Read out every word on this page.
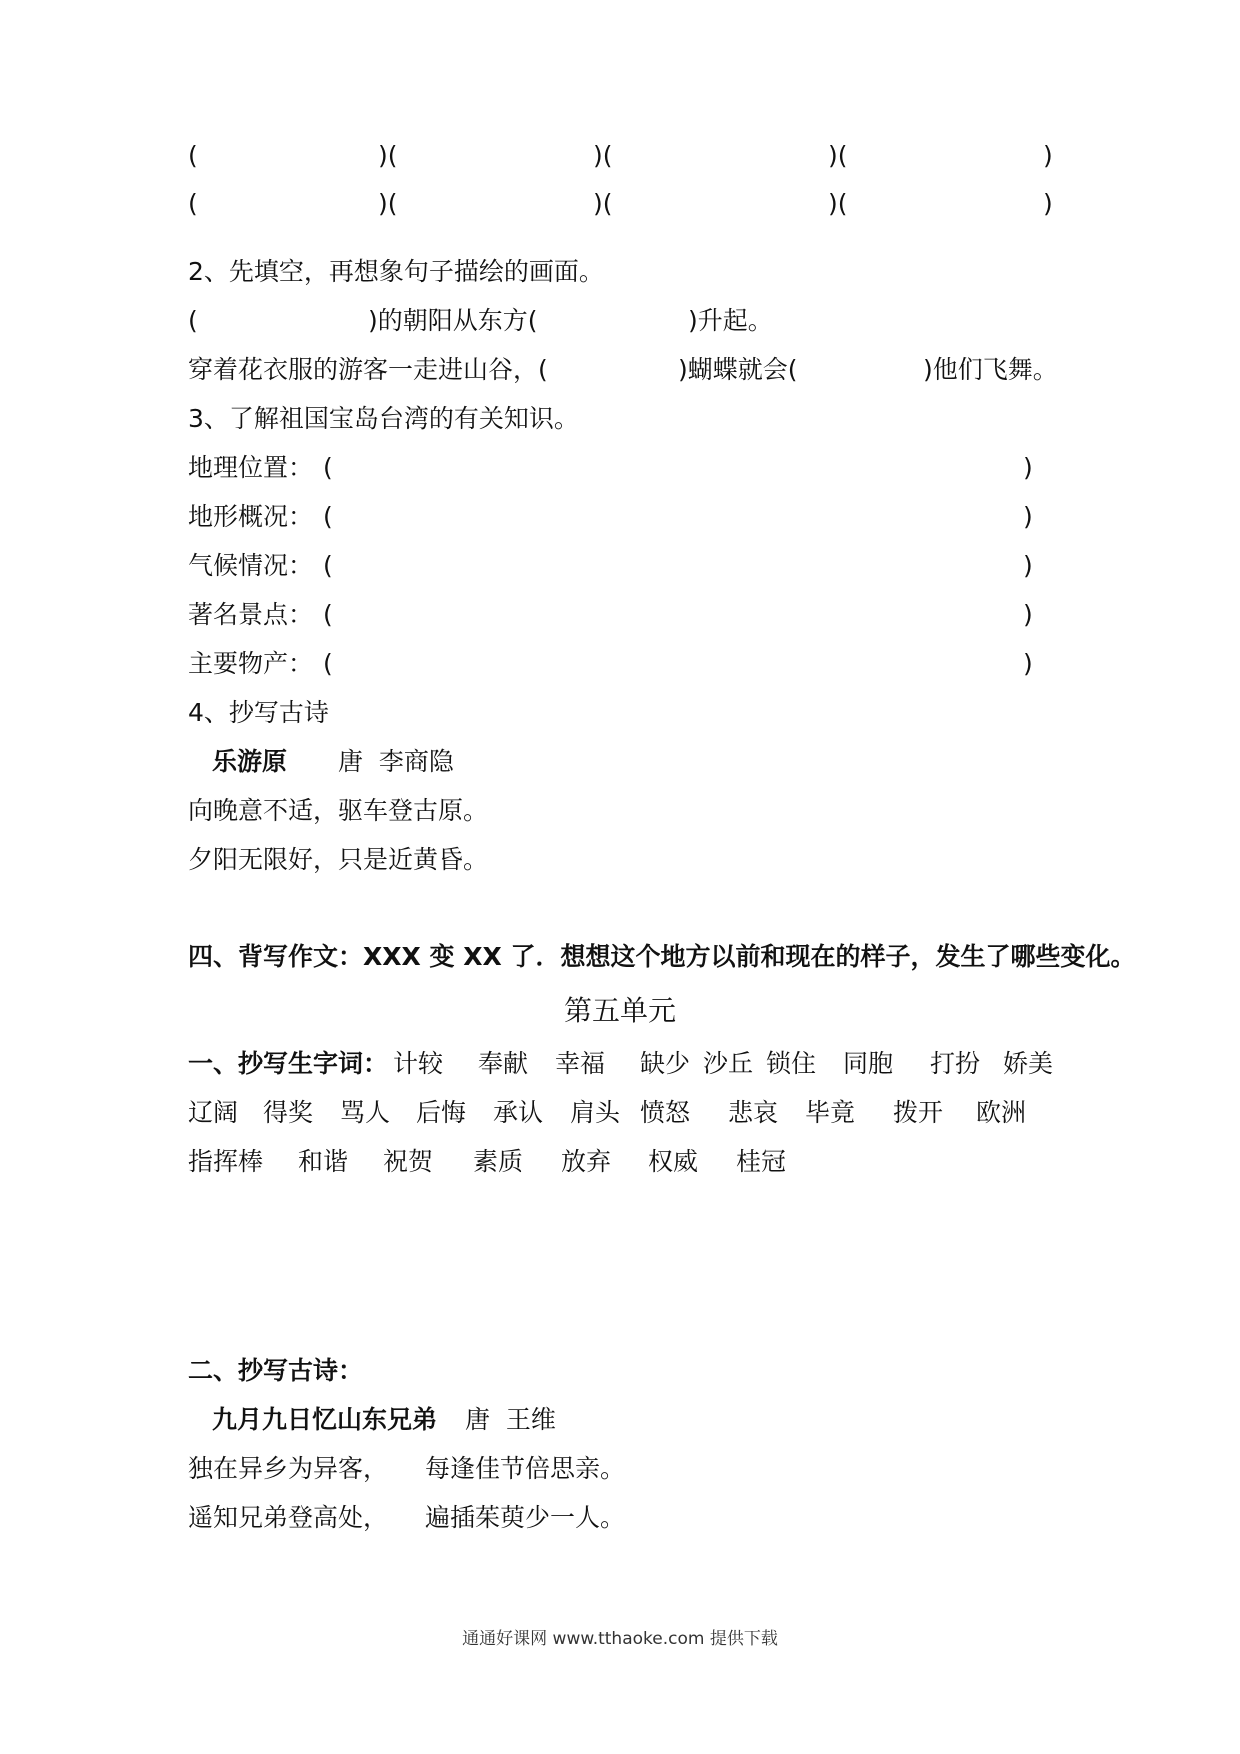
(	)(	)(	)(	)
(	)(	)(	)(	)
2、先填空，再想象句子描绘的画面。
(	)的朝阳从东方(	)升起。
穿着花衣服的游客一走进山谷，(	)蝴蝶就会(	)他们飞舞。
3、了解祖国宝岛台湾的有关知识。
地理位置： (	)
地形概况： (	)
气候情况： (	)
著名景点： (	)
主要物产： (	)
4、抄写古诗
乐游原 唐  李商隐
向晚意不适，驱车登古原。
夕阳无限好，只是近黄昏。
四、背写作文：XXX 变 XX 了．想想这个地方以前和现在的样子，发生了哪些变化。
第五单元
一、抄写生字词： 计较 奉献 幸福 缺少 沙丘 锁住 同胞 打扮 娇美
辽阔 得奖 骂人 后悔 承认 肩头 愤怒 悲哀 毕竟 拨开 欧洲
指挥棒 和谐 祝贺 素质 放弃 权威 桂冠
二、抄写古诗：
九月九日忆山东兄弟 唐  王维
独在异乡为异客， 每逢佳节倍思亲。
遥知兄弟登高处， 遍插茱萸少一人。
通通好课网 www.tthaoke.com 提供下载
